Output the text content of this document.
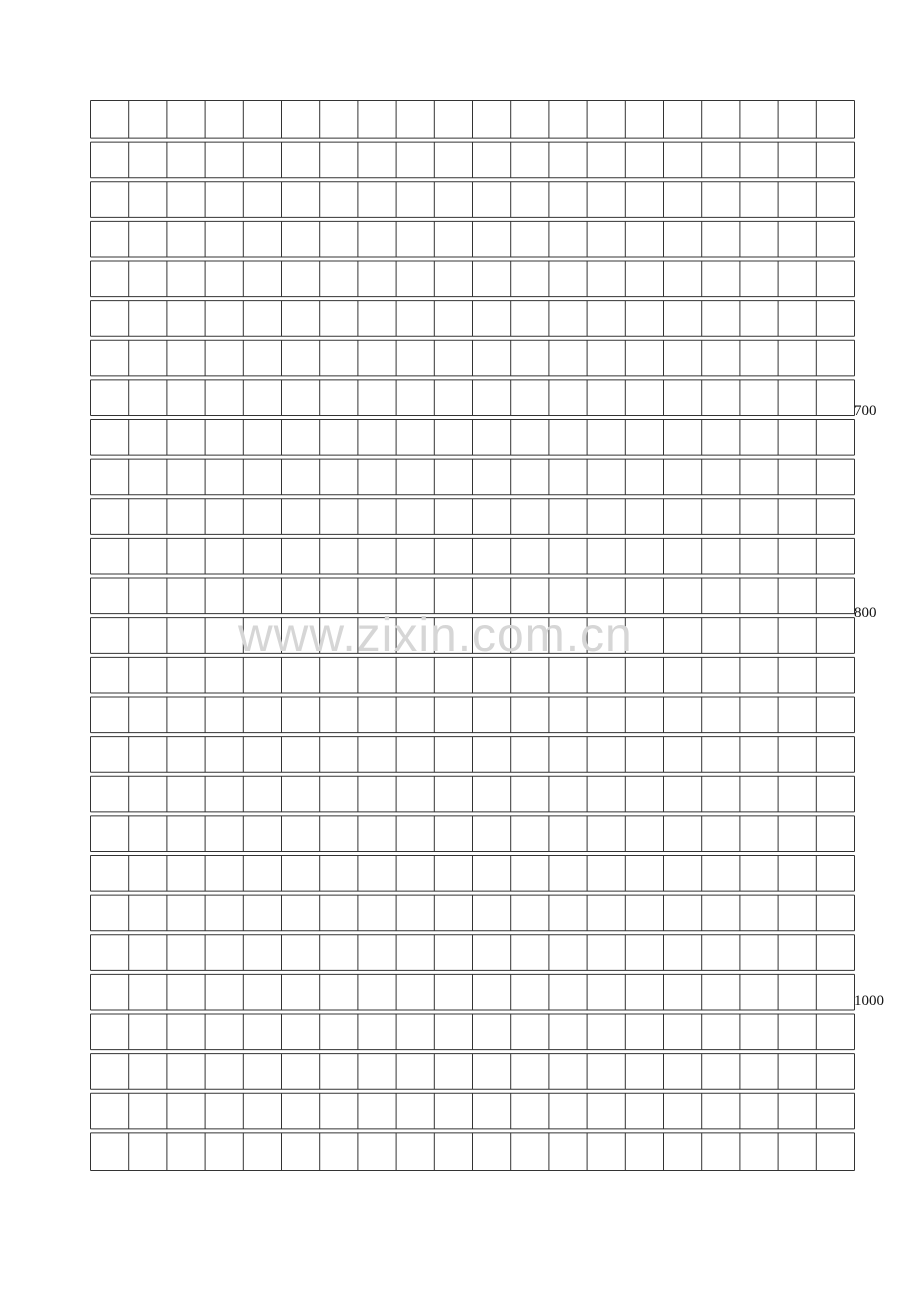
www.zixin.com.cn
700
800
1000
